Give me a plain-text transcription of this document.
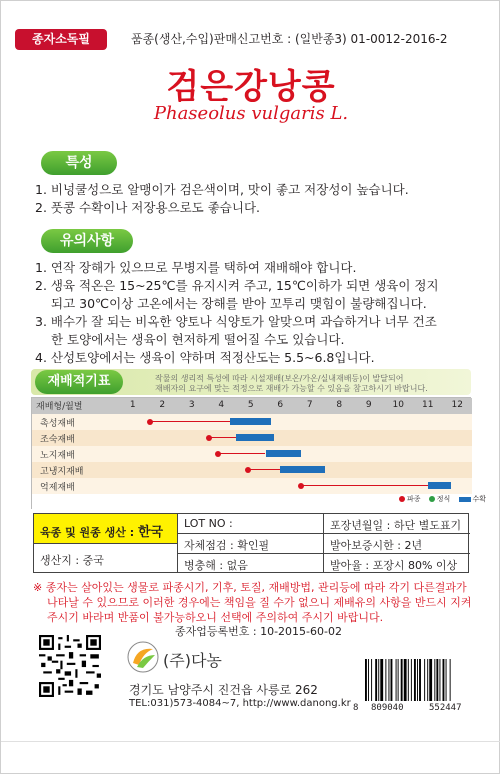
종자소독필	품종(생산,수입)판매신고번호 : (일반종3) 01-0012-2016-2
검은강낭콩
Phaseolus vulgaris L.
특성
1. 비넝쿨성으로 알맹이가 검은색이며, 맛이 좋고 저장성이 높습니다.
2. 풋콩 수확이나 저장용으로도 좋습니다.
유의사항
1. 연작 장해가 있으므로 무병지를 택하여 재배해야 합니다.
2. 생육 적온은 15~25℃를 유지시켜 주고, 15℃이하가 되면 생육이 정지
되고 30℃이상 고온에서는 장해를 받아 꼬투리 맺힘이 불량해집니다.
3. 배수가 잘 되는 비옥한 양토나 식양토가 알맞으며 과습하거나 너무 건조
한 토양에서는 생육이 현저하게 떨어질 수도 있습니다.
4. 산성토양에서는 생육이 약하며 적정산도는 5.5~6.8입니다.
재배적기표	작물의 생리적 특성에 따라 시설재배(보온/가온/실내재배등)이 발달되어
재배자의 요구에 맞는 적정으로 재배가 가능할 수 있음을 참고하시기 바랍니다.
재배형/월별	1	2	3	4	5	6	7	8	9	10	11	12
촉성재배
조숙재배
노지재배
고냉지재배
억제재배
파종 정식	수확
육종 및 원종 생산 : 한국
LOT NO :	포장년월일 : 하단 별도표기
자체점검 : 확인필	발아보증시한 : 2년
생산지 : 중국	병충해 : 없음	발아율 : 포장시 80% 이상
※ 종자는 살아있는 생물로 파종시기, 기후, 토질, 재배방법, 관리등에 따라 각기 다른결과가
나타날 수 있으므로 이러한 경우에는 책임을 질 수가 없으니 제배유의 사항을 반드시 지켜
주시기 바라며 반품이 불가능하오니 선택에 주의하여 주시기 바랍니다.
종자업등록번호 : 10-2015-60-02
(주)다농
경기도 남양주시 진건읍 사릉로 262
TEL:031)573-4084~7, http://www.danong.kr 8 809040	552447
